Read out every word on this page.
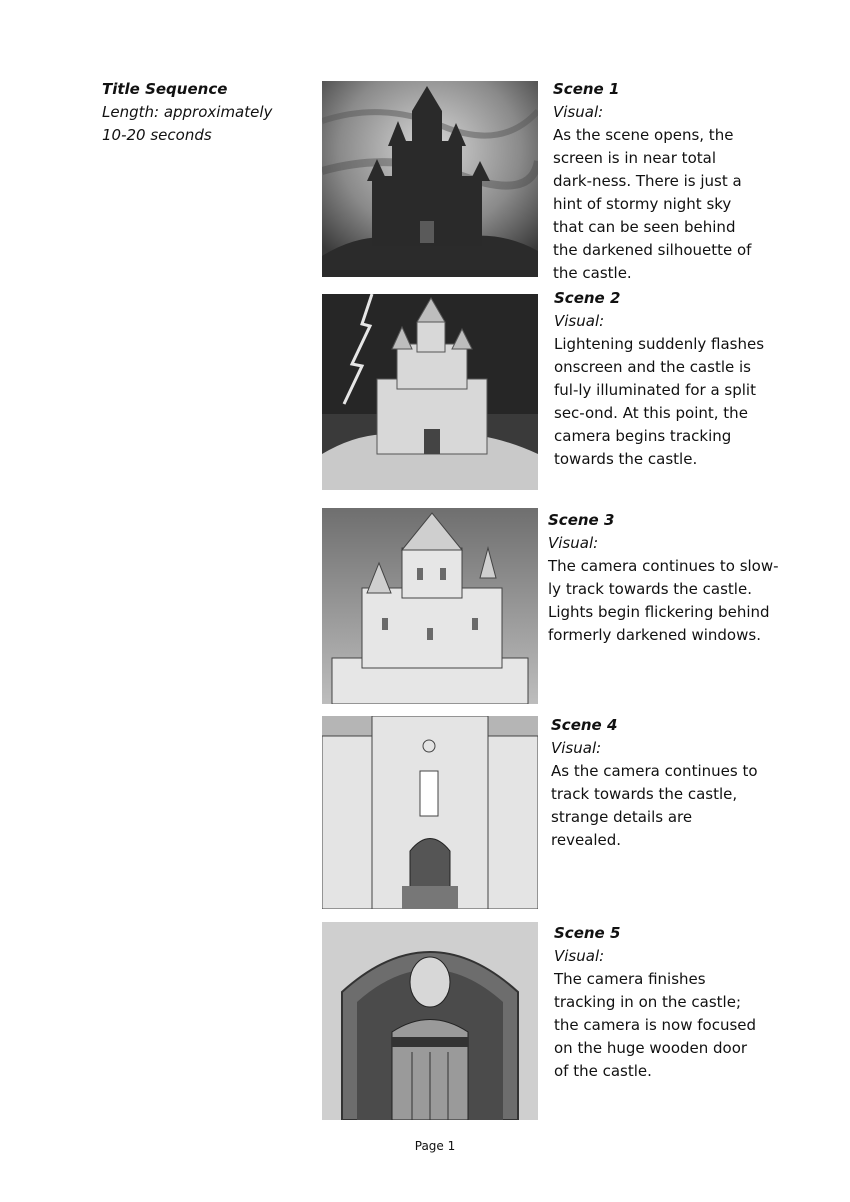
Title Sequence
Length: approximately
10-20 seconds
Scene 1
Visual:
As the scene opens, the screen is in near total dark-ness. There is just a hint of stormy night sky that can be seen behind the darkened silhouette of the castle.
Scene 2
Visual:
Lightening suddenly flashes onscreen and the castle is ful-ly illuminated for a split sec-ond. At this point, the camera begins tracking towards the castle.
Scene 3
Visual:
The camera continues to slow-ly track towards the castle. Lights begin flickering behind formerly darkened windows.
Scene 4
Visual:
As the camera continues to track towards the castle, strange details are revealed.
Scene 5
Visual:
The camera finishes tracking in on the castle; the camera is now focused on the huge wooden door of the castle.
Page 1
